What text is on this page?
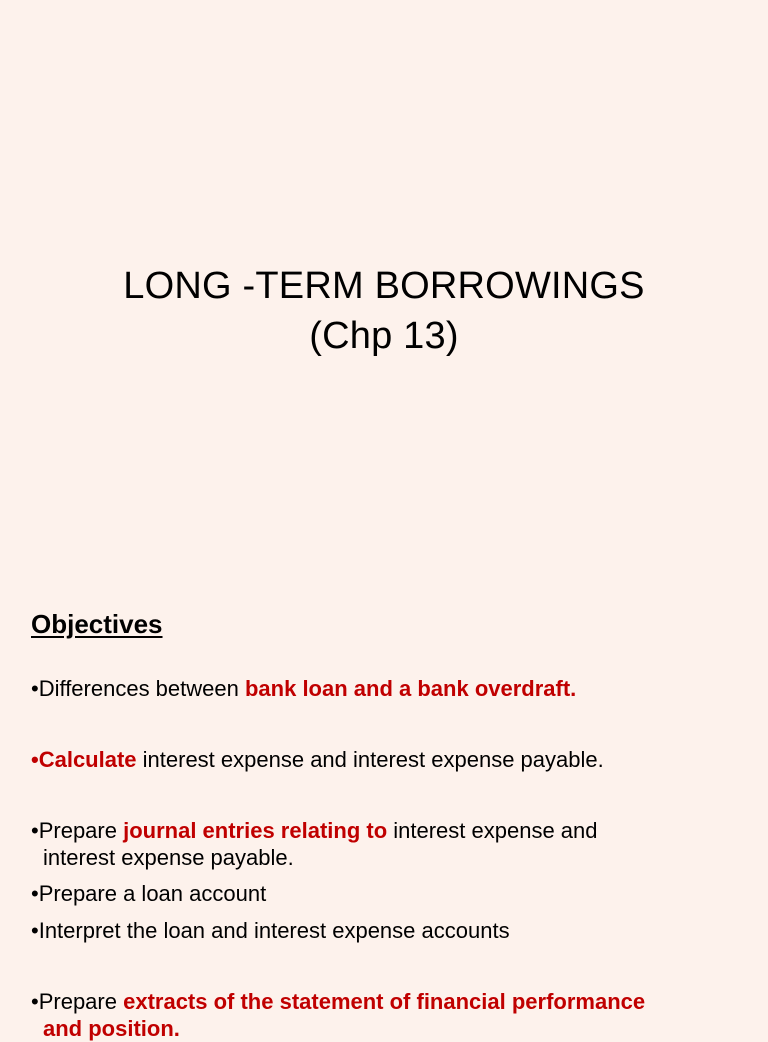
LONG -TERM BORROWINGS
(Chp 13)
Objectives
•Differences between bank loan and a bank overdraft.
•Calculate interest expense and interest expense payable.
•Prepare journal entries relating to interest expense and
interest expense payable.
•Prepare a loan account
•Interpret the loan and interest expense accounts
•Prepare extracts of the statement of financial performance
and position.
